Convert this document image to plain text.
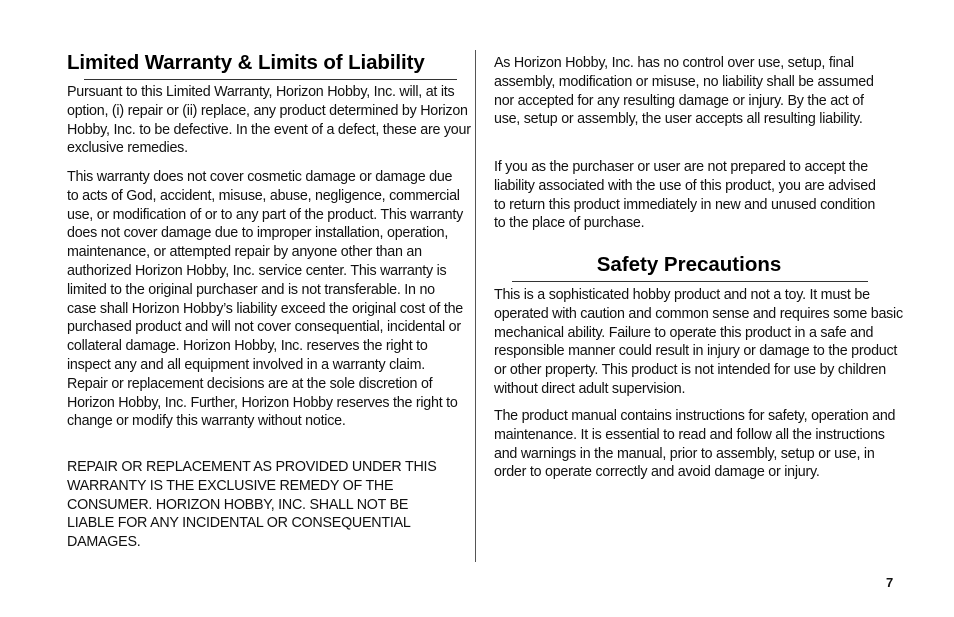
Limited Warranty & Limits of Liability

Pursuant to this Limited Warranty, Horizon Hobby, Inc. will, at its option, (i) repair or (ii) replace, any product determined by Horizon Hobby, Inc. to be defective. In the event of a defect, these are your exclusive remedies.

This warranty does not cover cosmetic damage or damage due to acts of God, accident, misuse, abuse, negligence, commercial use, or modification of or to any part of the product. This warranty does not cover damage due to improper installation, operation, maintenance, or attempted repair by anyone other than an authorized Horizon Hobby, Inc. service center. This warranty is limited to the original purchaser and is not transferable. In no case shall Horizon Hobby’s liability exceed the original cost of the purchased product and will not cover consequential, incidental or collateral damage. Horizon Hobby, Inc. reserves the right to inspect any and all equipment involved in a warranty claim. Repair or replacement decisions are at the sole discretion of Horizon Hobby, Inc. Further, Horizon Hobby reserves the right to change or modify this warranty without notice.

REPAIR OR REPLACEMENT AS PROVIDED UNDER THIS WARRANTY IS THE EXCLUSIVE REMEDY OF THE CONSUMER. HORIZON HOBBY, INC. SHALL NOT BE LIABLE FOR ANY INCIDENTAL OR CONSEQUENTIAL DAMAGES.

As Horizon Hobby, Inc. has no control over use, setup, final assembly, modification or misuse, no liability shall be assumed nor accepted for any resulting damage or injury. By the act of use, setup or assembly, the user accepts all resulting liability.

If you as the purchaser or user are not prepared to accept the liability associated with the use of this product, you are advised to return this product immediately in new and unused condition to the place of purchase.

Safety Precautions

This is a sophisticated hobby product and not a toy. It must be operated with caution and common sense and requires some basic mechanical ability. Failure to operate this product in a safe and responsible manner could result in injury or damage to the product or other property. This product is not intended for use by children without direct adult supervision.

The product manual contains instructions for safety, operation and maintenance. It is essential to read and follow all the instructions and warnings in the manual, prior to assembly, setup or use, in order to operate correctly and avoid damage or injury.

7
